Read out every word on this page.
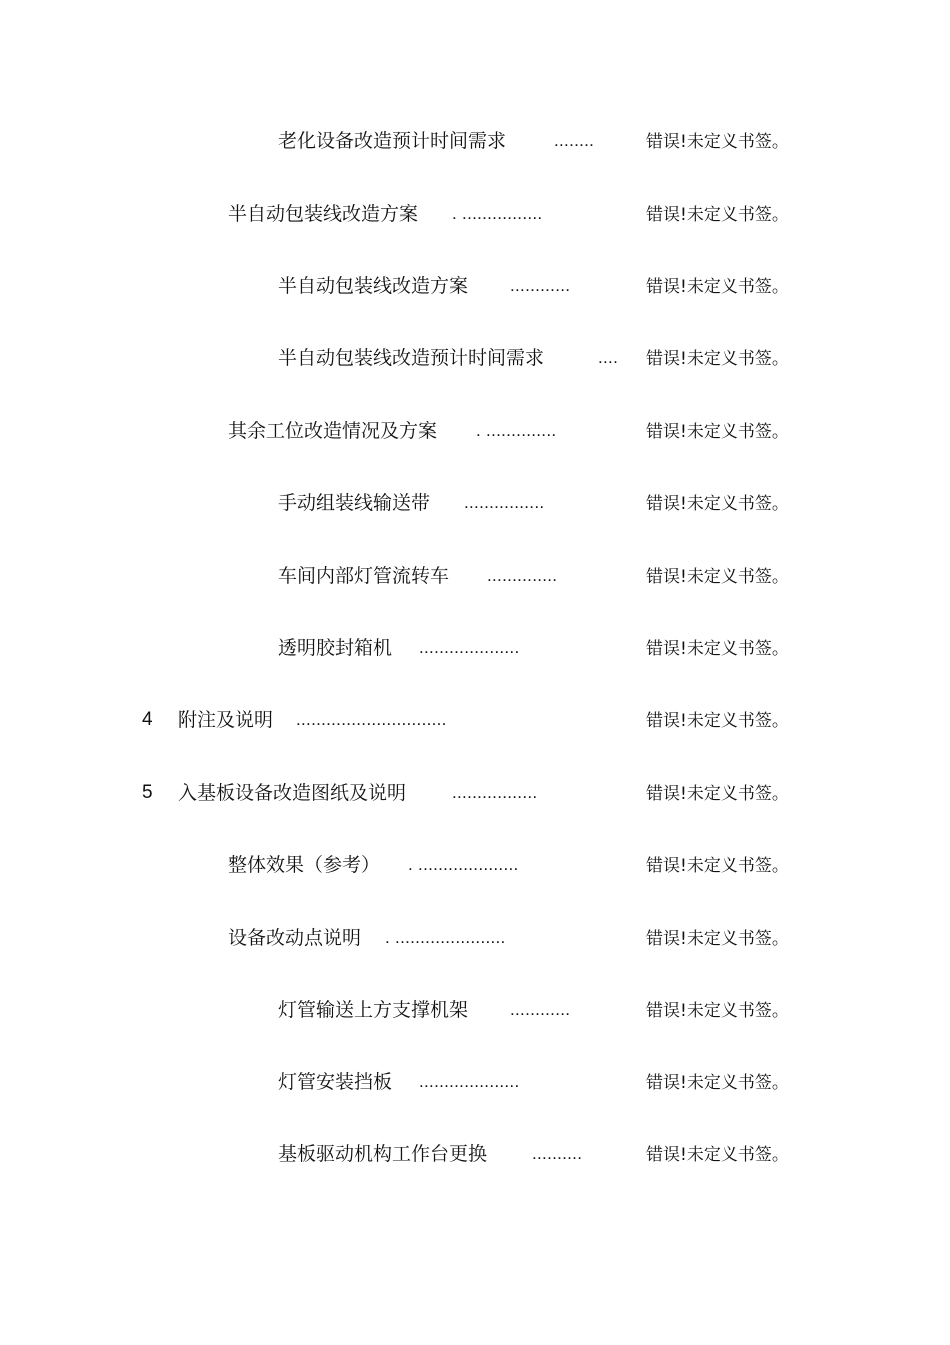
老化设备改造预计时间需求	........	错误!未定义书签。
半自动包装线改造方案 . ................	错误!未定义书签。
半自动包装线改造方案 ............	错误!未定义书签。
半自动包装线改造预计时间需求	.... 错误!未定义书签。
其余工位改造情况及方案 . ..............	错误!未定义书签。
手动组装线输送带 ................	错误!未定义书签。
车间内部灯管流转车 ..............	错误!未定义书签。
透明胶封箱机 ....................	错误!未定义书签。
4 附注及说明 ..............................	错误!未定义书签。
5 入基板设备改造图纸及说明	.................	错误!未定义书签。
整体效果（参考） . ....................	错误!未定义书签。
设备改动点说明 . ......................	错误!未定义书签。
灯管输送上方支撑机架 ............	错误!未定义书签。
灯管安装挡板 ....................	错误!未定义书签。
基板驱动机构工作台更换	..........	错误!未定义书签。
